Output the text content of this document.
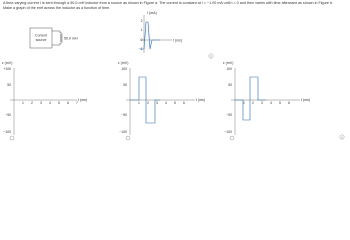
A time-varying current I is sent through a 50.0-mH inductor from a source as shown in Figure a. The current is constant at I = −1.00 mA until t = 0 and then varies with time afterward as shown in Figure b.
Make a graph of the emf across the inductor as a function of time.
Current
source	50.0 mH
I (mA)
t (ms)
2
1
0
−1
i
ε (mV)
t (ms)
+100
50
−50
−100
1 2 3 4 5 6 7
ε (mV)
t (ms)
100
50
−50
−100
1 2 3 4 5 6
ε (mV)
t (ms)
100
50
−50
−100
1 2 3 4 5 6
i
